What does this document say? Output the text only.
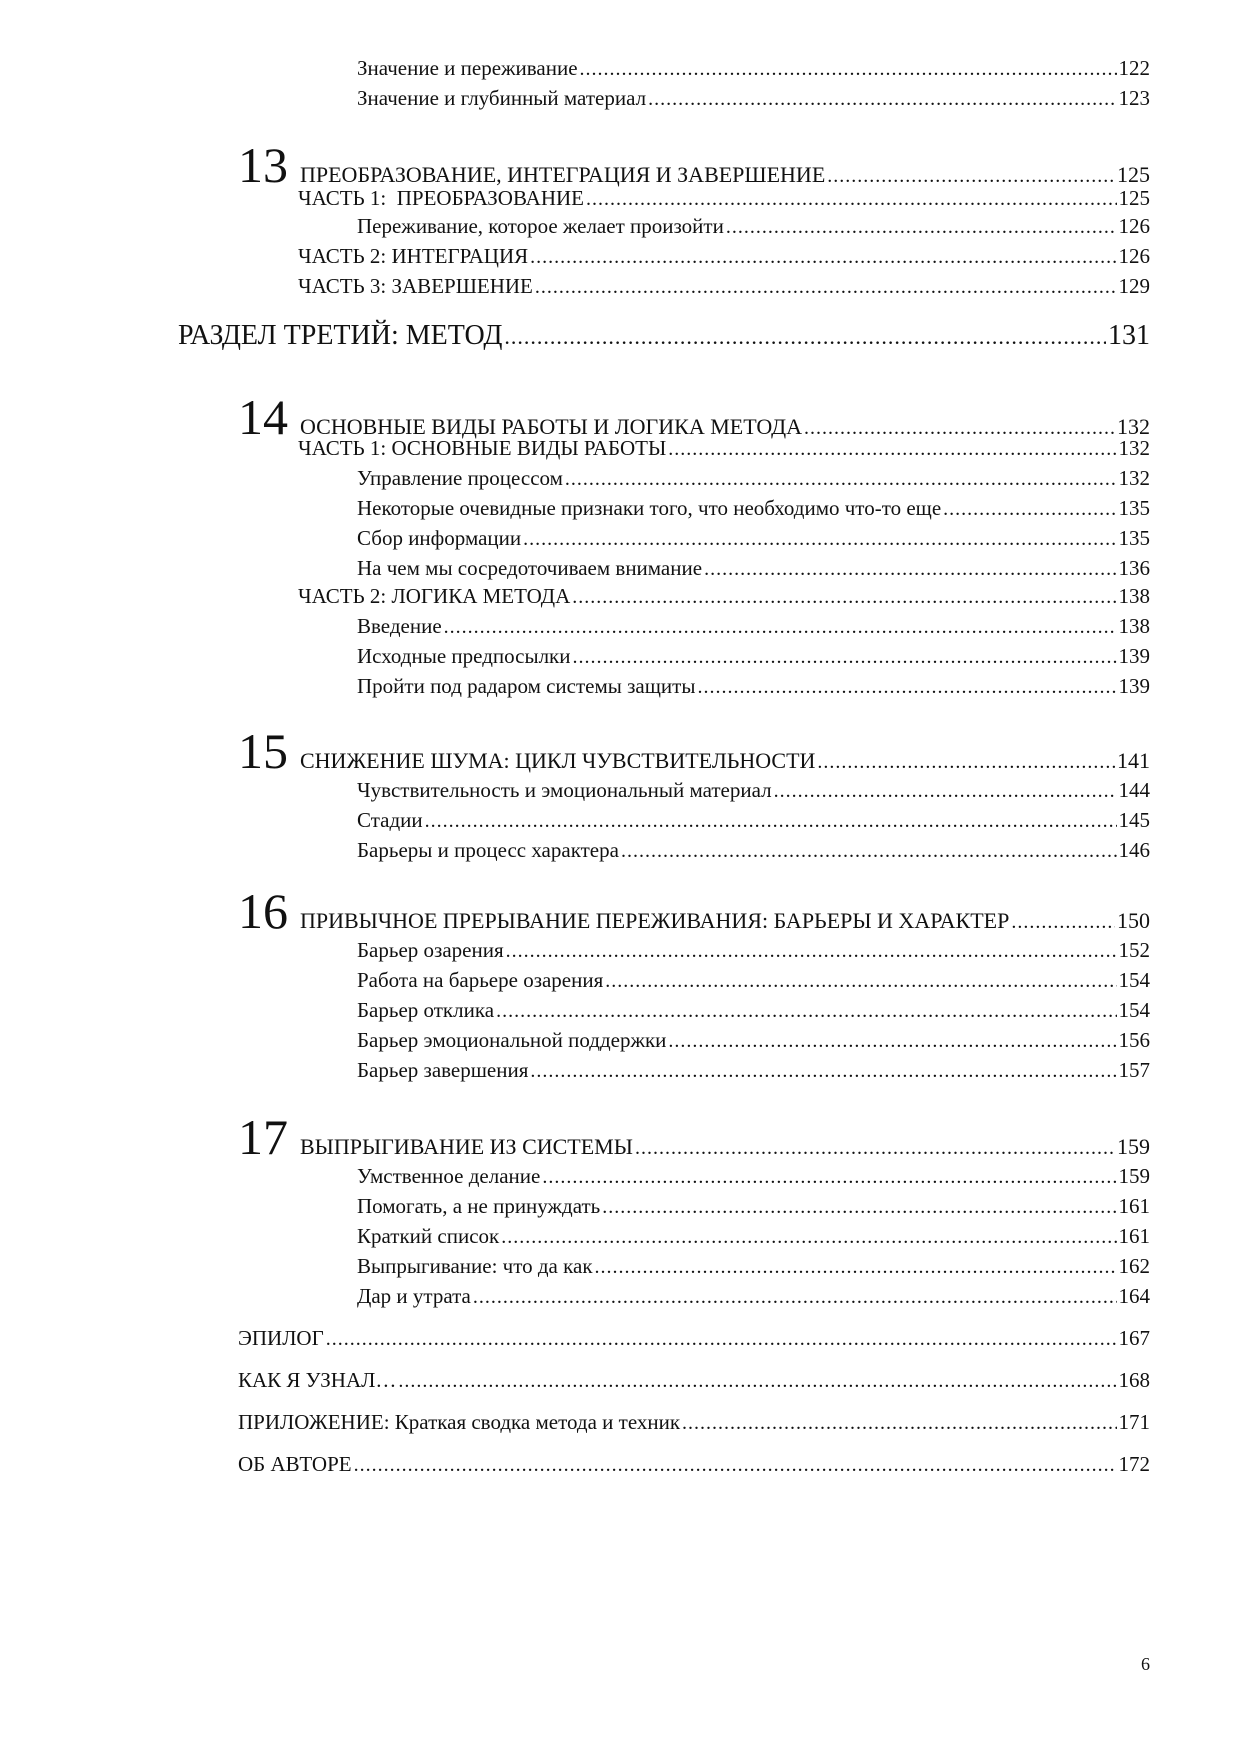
Значение и переживание .....	122
Значение и глубинный материал .....	123
13 ПРЕОБРАЗОВАНИЕ, ИНТЕГРАЦИЯ И ЗАВЕРШЕНИЕ .....	125
ЧАСТЬ 1:  ПРЕОБРАЗОВАНИЕ .....	125
Переживание, которое желает произойти .....	126
ЧАСТЬ 2: ИНТЕГРАЦИЯ .....	126
ЧАСТЬ 3: ЗАВЕРШЕНИЕ .....	129
РАЗДЕЛ ТРЕТИЙ: МЕТОД .....	131
14 ОСНОВНЫЕ ВИДЫ РАБОТЫ И ЛОГИКА МЕТОДА .....	132
ЧАСТЬ 1: ОСНОВНЫЕ ВИДЫ РАБОТЫ .....	132
Управление процессом .....	132
Некоторые очевидные признаки того, что необходимо что-то еще .....	135
Сбор информации .....	135
На чем мы сосредоточиваем внимание .....	136
ЧАСТЬ 2: ЛОГИКА МЕТОДА .....	138
Введение .....	138
Исходные предпосылки .....	139
Пройти под радаром системы защиты .....	139
15 СНИЖЕНИЕ ШУМА: ЦИКЛ ЧУВСТВИТЕЛЬНОСТИ .....	141
Чувствительность и эмоциональный материал .....	144
Стадии .....	145
Барьеры и процесс характера .....	146
16 ПРИВЫЧНОЕ ПРЕРЫВАНИЕ ПЕРЕЖИВАНИЯ: БАРЬЕРЫ И ХАРАКТЕР .....	150
Барьер озарения .....	152
Работа на барьере озарения .....	154
Барьер отклика .....	154
Барьер эмоциональной поддержки .....	156
Барьер завершения .....	157
17 ВЫПРЫГИВАНИЕ ИЗ СИСТЕМЫ .....	159
Умственное делание .....	159
Помогать, а не принуждать .....	161
Краткий список .....	161
Выпрыгивание: что да как .....	162
Дар и утрата .....	164
ЭПИЛОГ .....	167
КАК Я УЗНАЛ… .....	168
ПРИЛОЖЕНИЕ: Краткая сводка метода и техник .....	171
ОБ АВТОРЕ .....	172
6
